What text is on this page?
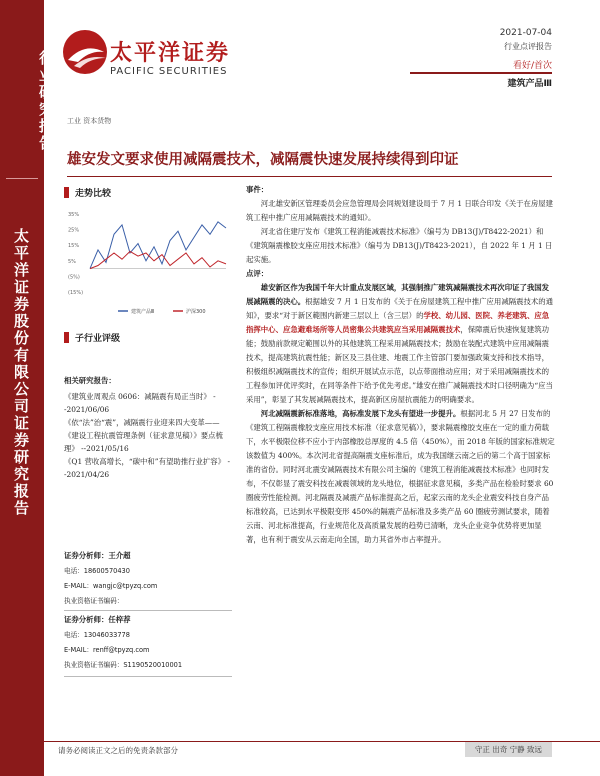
行业研究报告
太平洋证券股份有限公司证券研究报告
太平洋证券
PACIFIC SECURITIES
2021-07-04
行业点评报告
看好/首次
建筑产品Ⅲ
工业 资本货物
雄安发文要求使用减隔震技术，减隔震快速发展持续得到印证
走势比较
35%
25%
15%
5%
(5%)
(15%)
建筑产品Ⅲ	沪深300
子行业评级
相关研究报告：
《建筑业周观点 0606：减隔震有局正当时》 --2021/06/06
《依“法”治“震”，减隔震行业迎来四大变革——《建设工程抗震管理条例（征求意见稿）》要点梳理》 --2021/05/16
《Q1 营收高增长，“碳中和”有望助推行业扩容》 --2021/04/26
证券分析师：王介超
电话：18600570430
E-MAIL：wangjc@tpyzq.com
执业资格证书编码：
证券分析师：任梓荐
电话：13046033778
E-MAIL：renff@tpyzq.com
执业资格证书编码：S1190520010001

事件：

　　河北雄安新区管理委员会应急管理局会同规划建设局于 7 月 1 日联合印发《关于在房屋建筑工程中推广应用减隔震技术的通知》。

　　河北省住建厅发布《建筑工程消能减震技术标准》（编号为 DB13(J)/T8422-2021）和《建筑隔震橡胶支座应用技术标准》（编号为 DB13(J)/T8423-2021），自 2022 年 1 月 1 日起实施。

点评：

　　雄安新区作为我国千年大计重点发展区域，其强制推广建筑减隔震技术再次印证了我国发展减隔震的决心。根据雄安 7 月 1 日发布的《关于在房屋建筑工程中推广应用减隔震技术的通知》，要求“对于新区範围内新建三层以上（含三层）的学校、幼儿园、医院、养老建筑、应急指挥中心、应急避难场所等人员密集公共建筑应当采用减隔震技术，保障震后快速恢复建筑功能；鼓励前款规定範围以外的其他建筑工程采用减隔震技术；鼓励在装配式建筑中应用减隔震技术，提高建筑抗震性能；新区及三县住建、地震工作主管部门要加强政策支持和技术指导，积极组织减隔震技术的宣传；组织开展试点示范，以点带面推动应用；对于采用减隔震技术的工程参加评优评奖时，在同等条件下给予优先考虑。”雄安在推广减隔震技术时口径明确为“应当采用”，彰显了其发展减隔震技术，提高新区房屋抗震能力的明确要求。

　　河北减隔震新标准落地，高标准发展下龙头有望进一步提升。根据河北 5 月 27 日发布的《建筑工程隔震橡胶支座应用技术标准（征求意见稿）》，要求隔震橡胶支座在一定的重力荷载下，水平极限位移不应小于内部橡胶总厚度的 4.5 倍（450%），而 2018 年版的国家标准规定该数值为 400%。本次河北省提高隔震支座标准后，成为我国继云南之后的第二个高于国家标准的省份。同时河北震安减隔震技术有限公司主编的《建筑工程消能减震技术标准》也同时发布，不仅彰显了震安科技在减震领域的龙头地位，根据征求意见稿，多类产品在检验时要求 60 圈疲劳性能检测。河北隔震及减震产品标准提高之后，起家云南的龙头企业震安科技自身产品标准较高，已达到水平极限变形 450%的隔震产品标准及多类产品 60 圈疲劳测试要求，随着云南、河北标准提高，行业规范化及高质量发展的趋势已清晰，龙头企业竞争优势将更加显著，也有利于震安从云南走向全国，助力其省外市占率提升。

请务必阅读正文之后的免责条款部分	守正 出奇 宁静 致远
